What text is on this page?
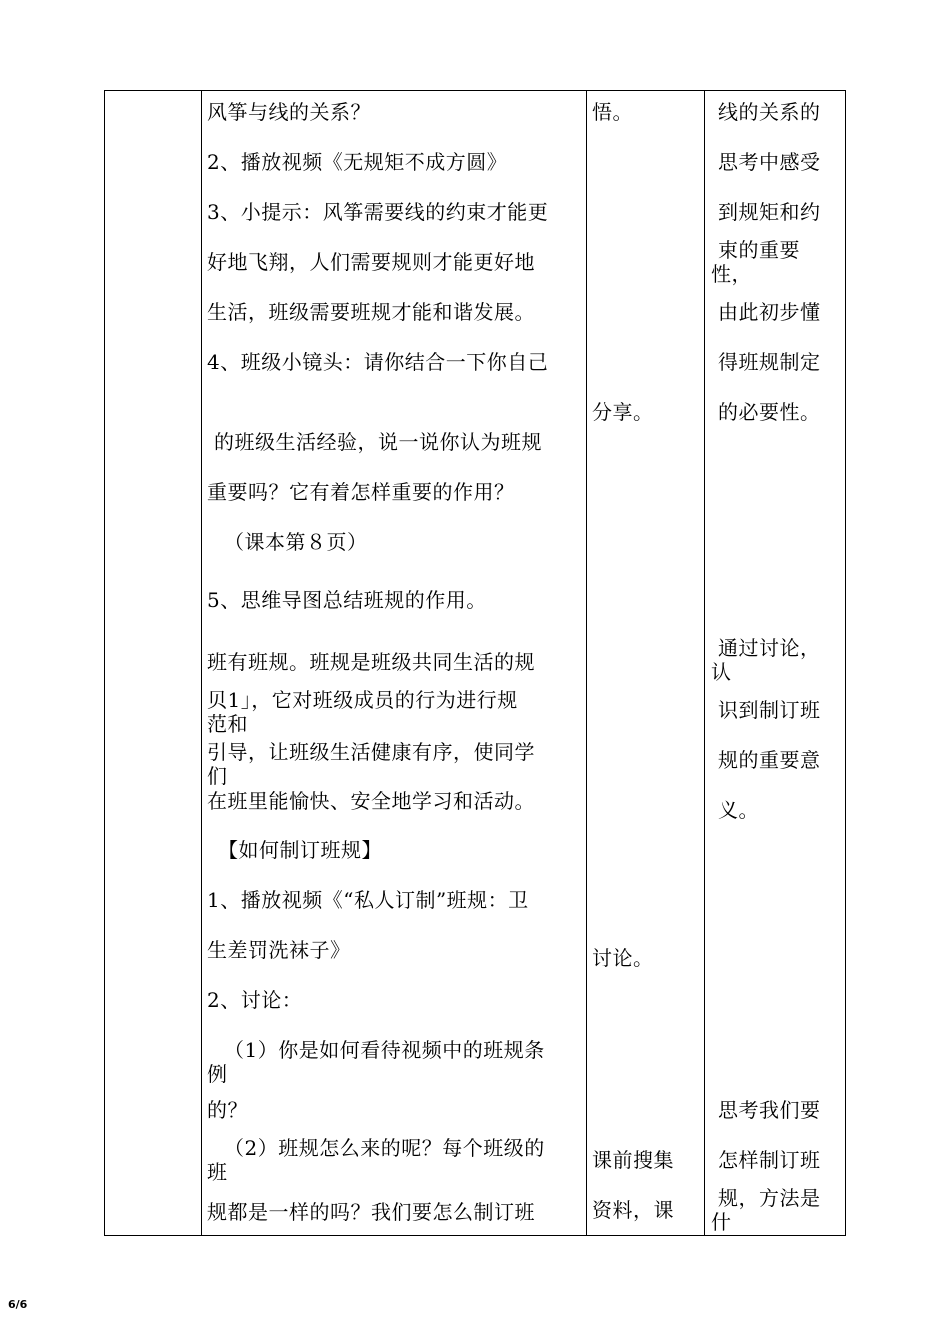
风筝与线的关系？
2、播放视频《无规矩不成方圆》
3、小提示：风筝需要线的约束才能更
好地飞翔，人们需要规则才能更好地
生活，班级需要班规才能和谐发展。
4、班级小镜头：请你结合一下你自己
的班级生活经验，说一说你认为班规
重要吗？它有着怎样重要的作用？
（课本第８页）
5、思维导图总结班规的作用。
班有班规。班规是班级共同生活的规
贝1」，它对班级成员的行为进行规
范和
引导，让班级生活健康有序，使同学
们
在班里能愉快、安全地学习和活动。
【如何制订班规】
1、播放视频《“私人订制”班规：卫
生差罚洗袜子》
2、讨论：
（1）你是如何看待视频中的班规条
例
的？
（2）班规怎么来的呢？每个班级的
班
规都是一样的吗？我们要怎么制订班
悟。
分享。
讨论。
课前搜集
资料，课
线的关系的
思考中感受
到规矩和约
束的重要
性，
由此初步懂
得班规制定
的必要性。
通过讨论，
认
识到制订班
规的重要意
义。
思考我们要
怎样制订班
规，方法是
什
6/6
